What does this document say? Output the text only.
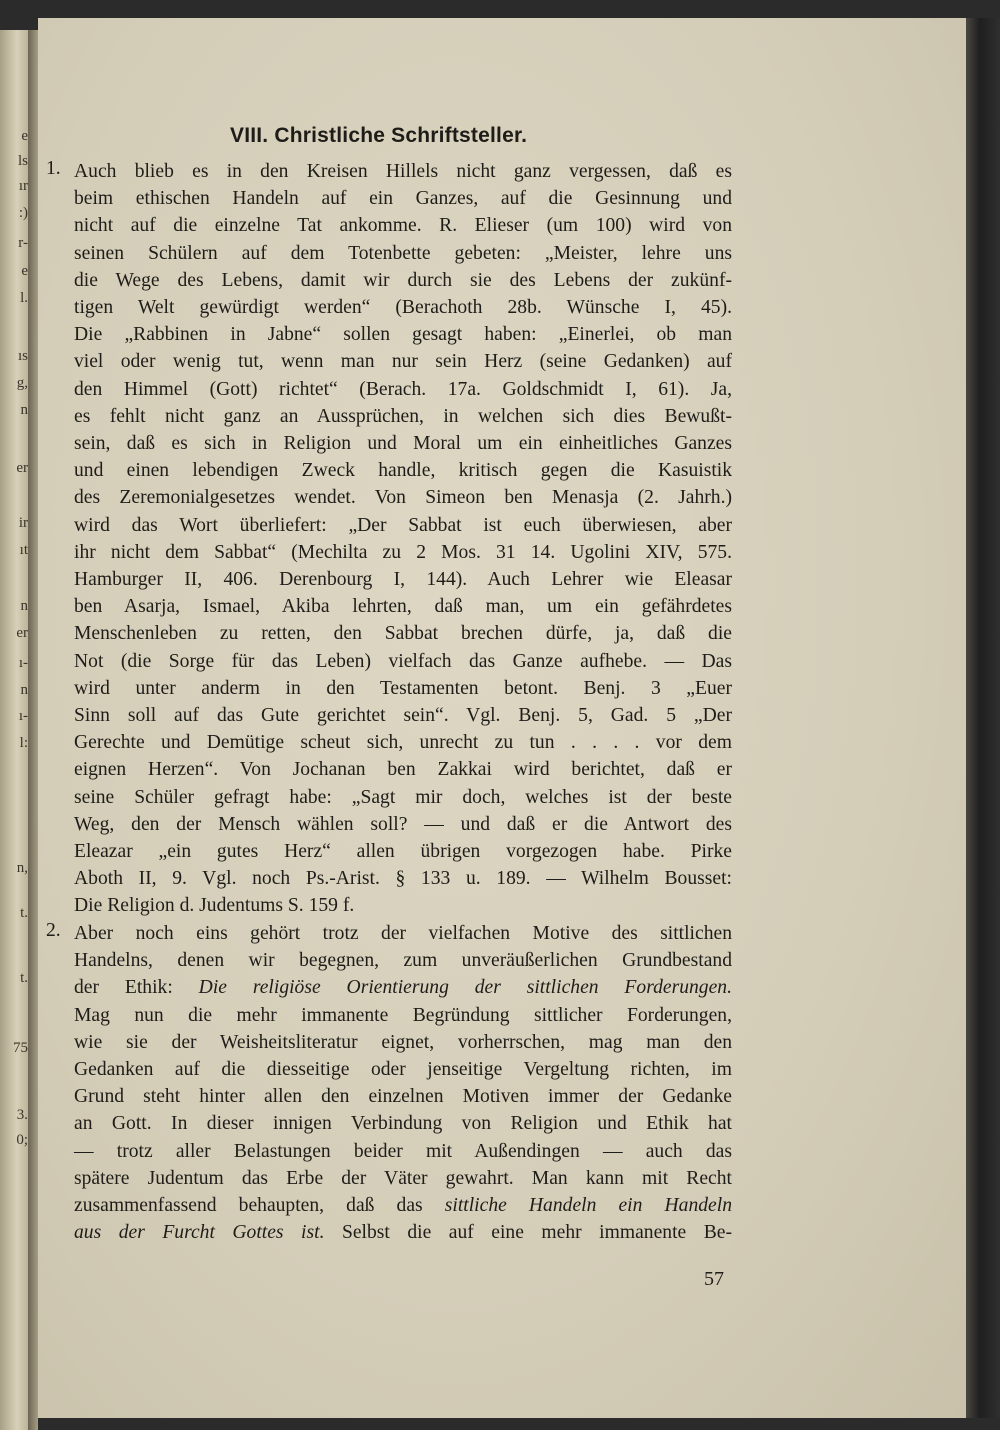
e
ls
ır
:)
r-
e
l.
ıs
g,
n
er
ir
ıt
n
er
ı-
n
ı-
l:
n,
t.
t.
75
3.
0;
VIII. Christliche Schriftsteller.
1. Auch blieb es in den Kreisen Hillels nicht ganz vergessen, daß es
beim ethischen Handeln auf ein Ganzes, auf die Gesinnung und
nicht auf die einzelne Tat ankomme. R. Elieser (um 100) wird von
seinen Schülern auf dem Totenbette gebeten: „Meister, lehre uns
die Wege des Lebens, damit wir durch sie des Lebens der zukünf-
tigen Welt gewürdigt werden“ (Berachoth 28b. Wünsche I, 45).
Die „Rabbinen in Jabne“ sollen gesagt haben: „Einerlei, ob man
viel oder wenig tut, wenn man nur sein Herz (seine Gedanken) auf
den Himmel (Gott) richtet“ (Berach. 17a. Goldschmidt I, 61). Ja,
es fehlt nicht ganz an Aussprüchen, in welchen sich dies Bewußt-
sein, daß es sich in Religion und Moral um ein einheitliches Ganzes
und einen lebendigen Zweck handle, kritisch gegen die Kasuistik
des Zeremonialgesetzes wendet. Von Simeon ben Menasja (2. Jahrh.)
wird das Wort überliefert: „Der Sabbat ist euch überwiesen, aber
ihr nicht dem Sabbat“ (Mechilta zu 2 Mos. 31 14. Ugolini XIV, 575.
Hamburger II, 406. Derenbourg I, 144). Auch Lehrer wie Eleasar
ben Asarja, Ismael, Akiba lehrten, daß man, um ein gefährdetes
Menschenleben zu retten, den Sabbat brechen dürfe, ja, daß die
Not (die Sorge für das Leben) vielfach das Ganze aufhebe. — Das
wird unter anderm in den Testamenten betont. Benj. 3 „Euer
Sinn soll auf das Gute gerichtet sein“. Vgl. Benj. 5, Gad. 5 „Der
Gerechte und Demütige scheut sich, unrecht zu tun . . . . vor dem
eignen Herzen“. Von Jochanan ben Zakkai wird berichtet, daß er
seine Schüler gefragt habe: „Sagt mir doch, welches ist der beste
Weg, den der Mensch wählen soll? — und daß er die Antwort des
Eleazar „ein gutes Herz“ allen übrigen vorgezogen habe. Pirke
Aboth II, 9. Vgl. noch Ps.-Arist. § 133 u. 189. — Wilhelm Bousset:
Die Religion d. Judentums S. 159 f.
2. Aber noch eins gehört trotz der vielfachen Motive des sittlichen
Handelns, denen wir begegnen, zum unveräußerlichen Grundbestand
der Ethik: Die religiöse Orientierung der sittlichen Forderungen.
Mag nun die mehr immanente Begründung sittlicher Forderungen,
wie sie der Weisheitsliteratur eignet, vorherrschen, mag man den
Gedanken auf die diesseitige oder jenseitige Vergeltung richten, im
Grund steht hinter allen den einzelnen Motiven immer der Gedanke
an Gott. In dieser innigen Verbindung von Religion und Ethik hat
— trotz aller Belastungen beider mit Außendingen — auch das
spätere Judentum das Erbe der Väter gewahrt. Man kann mit Recht
zusammenfassend behaupten, daß das sittliche Handeln ein Handeln
aus der Furcht Gottes ist. Selbst die auf eine mehr immanente Be-
57
